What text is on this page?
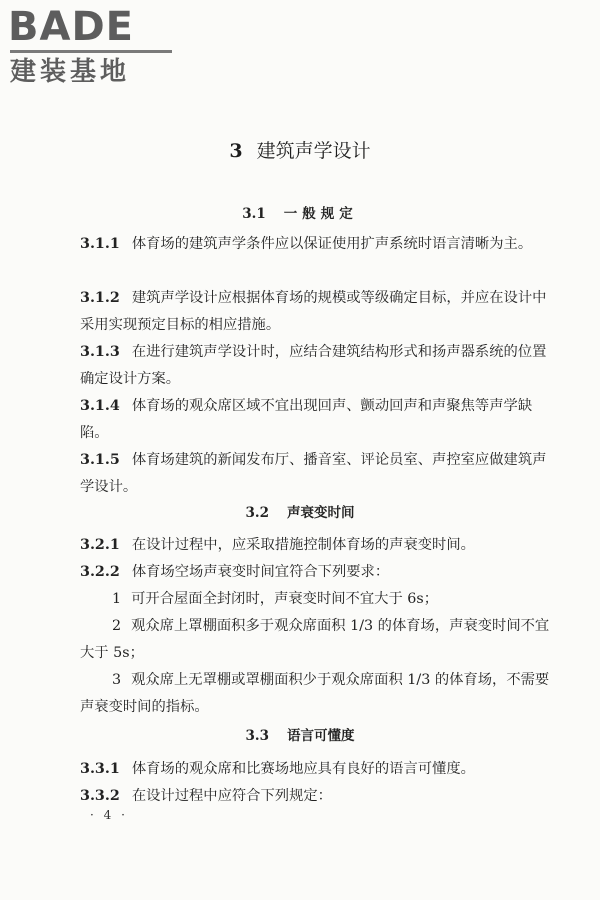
BADE
建装基地
3 建筑声学设计
3.1 一般规定
3.1.1 体育场的建筑声学条件应以保证使用扩声系统时语言清晰为主。
3.1.2 建筑声学设计应根据体育场的规模或等级确定目标，并应在设计中采用实现预定目标的相应措施。
3.1.3 在进行建筑声学设计时，应结合建筑结构形式和扬声器系统的位置确定设计方案。
3.1.4 体育场的观众席区域不宜出现回声、颤动回声和声聚焦等声学缺陷。
3.1.5 体育场建筑的新闻发布厅、播音室、评论员室、声控室应做建筑声学设计。
3.2 声衰变时间
3.2.1 在设计过程中，应采取措施控制体育场的声衰变时间。
3.2.2 体育场空场声衰变时间宜符合下列要求：
1 可开合屋面全封闭时，声衰变时间不宜大于 6s；
2 观众席上罩棚面积多于观众席面积 1/3 的体育场，声衰变时间不宜大于 5s；
3 观众席上无罩棚或罩棚面积少于观众席面积 1/3 的体育场，不需要声衰变时间的指标。
3.3 语言可懂度
3.3.1 体育场的观众席和比赛场地应具有良好的语言可懂度。
3.3.2 在设计过程中应符合下列规定：
· 4 ·
